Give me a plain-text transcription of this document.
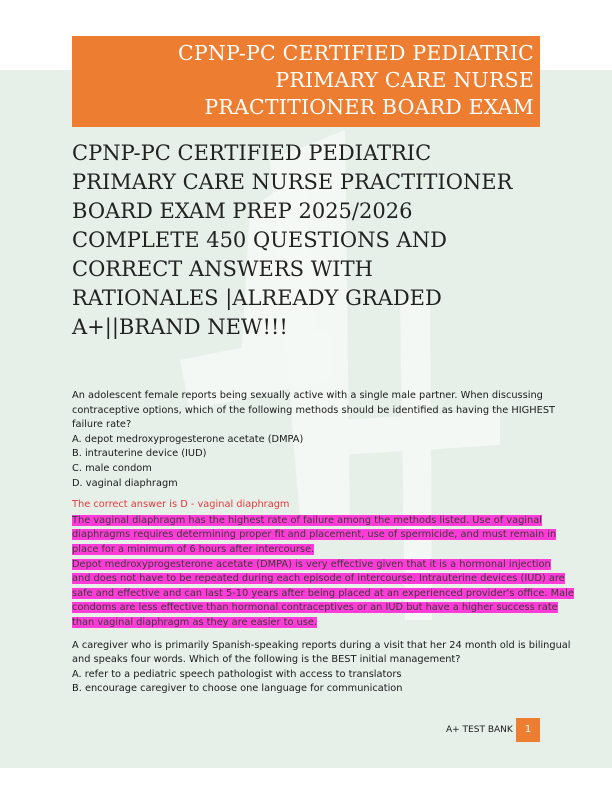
CPNP-PC CERTIFIED PEDIATRIC
PRIMARY CARE NURSE
PRACTITIONER BOARD EXAM
CPNP-PC CERTIFIED PEDIATRIC
PRIMARY CARE NURSE PRACTITIONER
BOARD EXAM PREP 2025/2026
COMPLETE 450 QUESTIONS AND
CORRECT ANSWERS WITH
RATIONALES |ALREADY GRADED
A+||BRAND NEW!!!
An adolescent female reports being sexually active with a single male partner. When discussing
contraceptive options, which of the following methods should be identified as having the HIGHEST
failure rate?
A. depot medroxyprogesterone acetate (DMPA)
B. intrauterine device (IUD)
C. male condom
D. vaginal diaphragm
The correct answer is D - vaginal diaphragm
The vaginal diaphragm has the highest rate of failure among the methods listed. Use of vaginal
diaphragms requires determining proper fit and placement, use of spermicide, and must remain in
place for a minimum of 6 hours after intercourse.
Depot medroxyprogesterone acetate (DMPA) is very effective given that it is a hormonal injection
and does not have to be repeated during each episode of intercourse. Intrauterine devices (IUD) are
safe and effective and can last 5-10 years after being placed at an experienced provider's office. Male
condoms are less effective than hormonal contraceptives or an IUD but have a higher success rate
than vaginal diaphragm as they are easier to use.
A caregiver who is primarily Spanish-speaking reports during a visit that her 24 month old is bilingual
and speaks four words. Which of the following is the BEST initial management?
A. refer to a pediatric speech pathologist with access to translators
B. encourage caregiver to choose one language for communication
A+ TEST BANK	1
